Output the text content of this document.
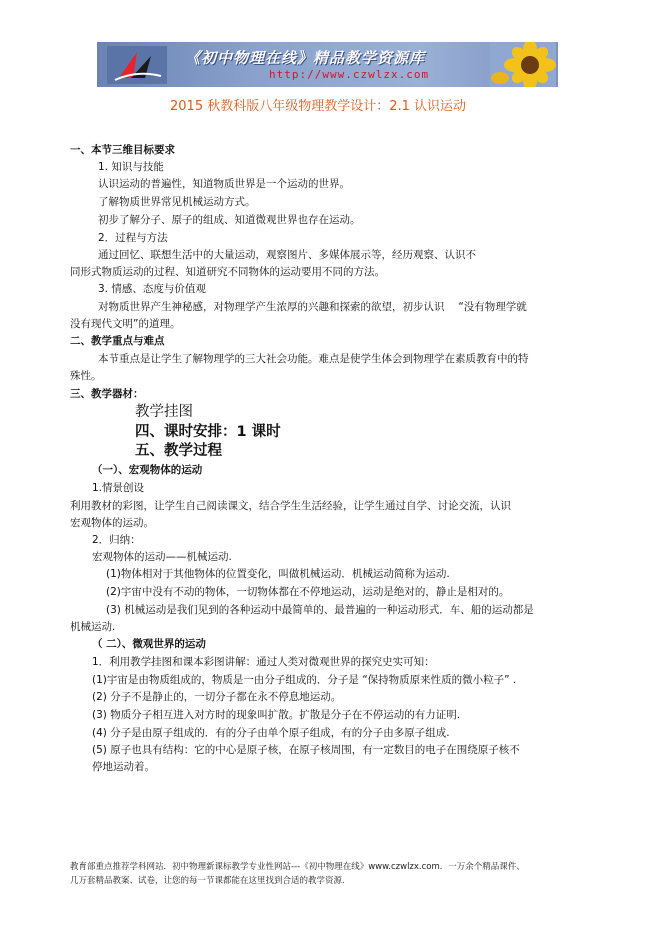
《初中物理在线》精品教学资源库
http://www.czwlzx.com
2015 秋教科版八年级物理教学设计：2.1 认识运动
一、本节三维目标要求
1. 知识与技能
认识运动的普遍性，知道物质世界是一个运动的世界。
了解物质世界常见机械运动方式。
初步了解分子、原子的组成、知道微观世界也存在运动。
2．过程与方法
通过回忆、联想生活中的大量运动，观察图片、多媒体展示等，经历观察、认识不
同形式物质运动的过程、知道研究不同物体的运动要用不同的方法。
3. 情感、态度与价值观
对物质世界产生神秘感，对物理学产生浓厚的兴趣和探索的欲望，初步认识　 “没有物理学就
没有现代文明”的道理。
二、教学重点与难点
本节重点是让学生了解物理学的三大社会功能。难点是使学生体会到物理学在素质教育中的特
殊性。
三、教学器材：
教学挂图
四、课时安排：1 课时
五、教学过程
（一）、宏观物体的运动
1.情景创设
利用教材的彩图，让学生自己阅读课文，结合学生生活经验，让学生通过自学、讨论交流，认识
宏观物体的运动。
2．归纳：
宏观物体的运动——机械运动.
(1)物体相对于其他物体的位置变化，叫做机械运动．机械运动简称为运动.
(2)宇宙中没有不动的物体，一切物体都在不停地运动，运动是绝对的，静止是相对的。
(3) 机械运动是我们见到的各种运动中最简单的、最普遍的一种运动形式．车、船的运动都是
机械运动.
（ 二）、微观世界的运动
1．利用教学挂图和课本彩图讲解：通过人类对微观世界的探究史实可知：
(1)宇宙是由物质组成的，物质是一由分子组成的．分子是 “保持物质原来性质的微小粒子” .
(2) 分子不是静止的，一切分子都在永不停息地运动。
(3) 物质分子相互进入对方时的现象叫扩散。扩散是分子在不停运动的有力证明.
(4) 分子是由原子组成的．有的分子由单个原子组成，有的分子由多原子组成.
(5) 原子也具有结构：它的中心是原子核，在原子核周围，有一定数目的电子在围绕原子核不
停地运动着。
教育部重点推荐学科网站．初中物理新课标教学专业性网站---《初中物理在线》www.czwlzx.com．一万余个精品课件、
几万套精品教案、试卷，让您的每一节课都能在这里找到合适的教学资源.
